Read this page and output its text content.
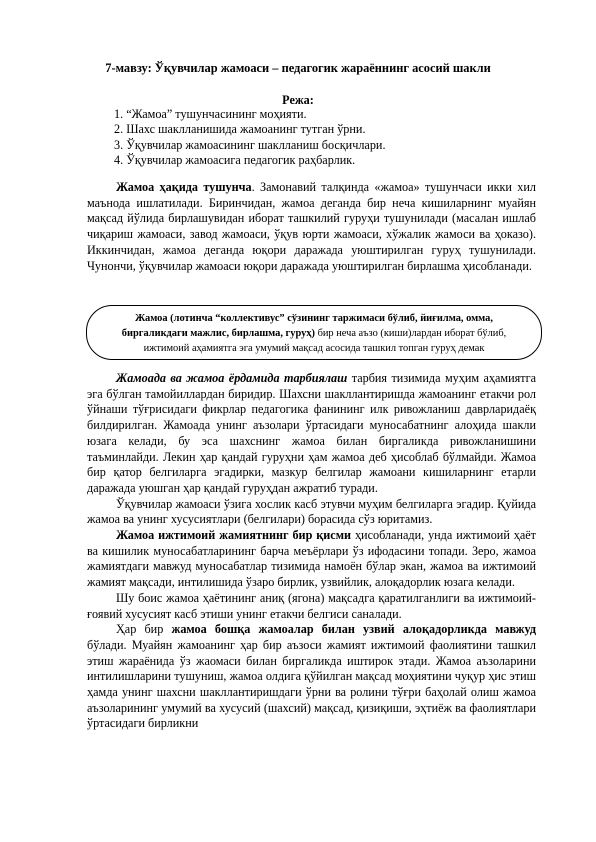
7-мавзу: Ўқувчилар жамоаси – педагогик жараённинг асосий шакли
Режа:
1. “Жамоа” тушунчасининг моҳияти.
2. Шахс шаклланишида жамоанинг тутган ўрни.
3. Ўқувчилар жамоасининг шаклланиш босқичлари.
4. Ўқувчилар жамоасига педагогик раҳбарлик.

Жамоа ҳақида тушунча. Замонавий талқинда «жамоа» тушунчаси икки хил маънода ишлатилади. Биринчидан, жамоа деганда бир неча кишиларнинг муайян мақсад йўлида бирлашувидан иборат ташкилий гуруҳи тушунилади (масалан ишлаб чиқариш жамоаси, завод жамоаси, ўқув юрти жамоаси, хўжалик жамоси ва ҳоказо). Иккинчидан, жамоа деганда юқори даражада уюштирилган гуруҳ тушунилади. Чунончи, ўқувчилар жамоаси юқори даражада уюштирилган бирлашма ҳисобланади.

Жамоа (лотинча “коллективус” сўзининг таржимаси бўлиб, йиғилма, омма,
биргаликдаги мажлис, бирлашма, гуруҳ) бир неча аъзо (киши)лардан иборат бўлиб,
ижтимоий аҳамиятга эга умумий мақсад асосида ташкил топган гуруҳ демак

Жамоада ва жамоа ёрдамида тарбиялаш тарбия тизимида муҳим аҳамиятга эга бўлган тамойиллардан биридир. Шахсни шакллантиришда жамоанинг етакчи рол ўйнаши тўғрисидаги фикрлар педагогика фанининг илк ривожланиш даврларидаёқ билдирилган. Жамоада унинг аъзолари ўртасидаги муносабатнинг алоҳида шакли юзага келади, бу эса шахснинг жамоа билан биргаликда ривожланишини таъминлайди. Лекин ҳар қандай гуруҳни ҳам жамоа деб ҳисоблаб бўлмайди. Жамоа бир қатор белгиларга эгадирки, мазкур белгилар жамоани кишиларнинг етарли даражада уюшган ҳар қандай гуруҳдан ажратиб туради.

Ўқувчилар жамоаси ўзига хослик касб этувчи муҳим белгиларга эгадир. Қуйида жамоа ва унинг хусусиятлари (белгилари) борасида сўз юритамиз.

Жамоа ижтимоий жамиятнинг бир қисми ҳисобланади, унда ижтимоий ҳаёт ва кишилик муносабатларининг барча меъёрлари ўз ифодасини топади. Зеро, жамоа жамиятдаги мавжуд муносабатлар тизимида намоён бўлар экан, жамоа ва ижтимоий жамият мақсади, интилишида ўзаро бирлик, узвийлик, алоқадорлик юзага келади.

Шу боис жамоа ҳаётининг аниқ (ягона) мақсадга қаратилганлиги ва ижтимоий-ғоявий хусусият касб этиши унинг етакчи белгиси саналади.

Ҳар бир жамоа бошқа жамоалар билан узвий алоқадорликда мавжуд бўлади. Муайян жамоанинг ҳар бир аъзоси жамият ижтимоий фаолиятини ташкил этиш жараёнида ўз жаомаси билан биргаликда иштирок этади. Жамоа аъзоларини интилишларини тушуниш, жамоа олдига қўйилган мақсад моҳиятини чуқур ҳис этиш ҳамда унинг шахсни шакллантиришдаги ўрни ва ролини тўғри баҳолай олиш жамоа аъзоларининг умумий ва хусусий (шахсий) мақсад, қизиқиши, эҳтиёж ва фаолиятлари ўртасидаги бирликни
